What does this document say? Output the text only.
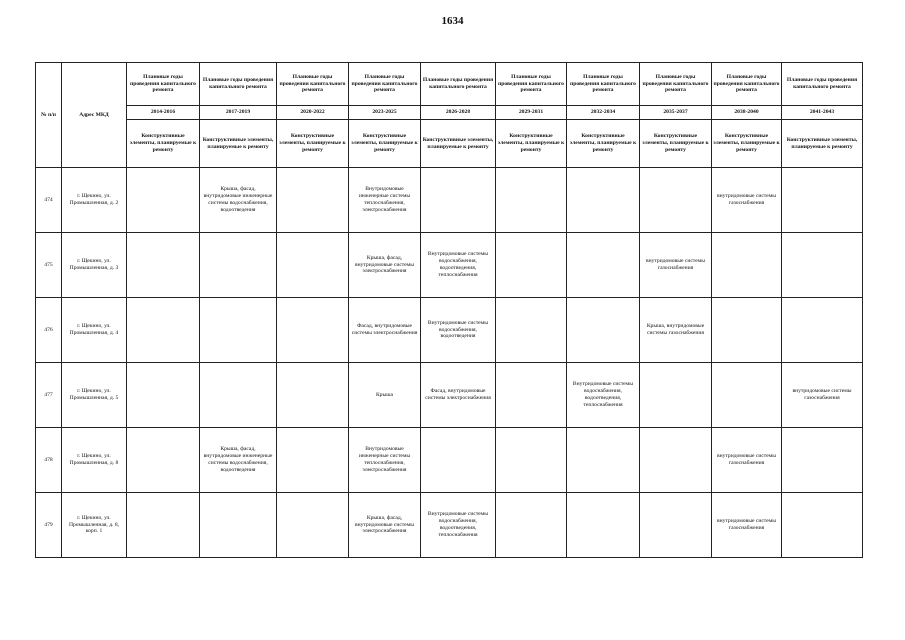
1634
№ п/п	Адрес МКД	Плановые годы проведения капитального ремонта	Плановые годы проведения капитального ремонта	Плановые годы проведения капитального ремонта	Плановые годы проведения капитального ремонта	Плановые годы проведения капитального ремонта	Плановые годы проведения капитального ремонта	Плановые годы проведения капитального ремонта	Плановые годы проведения капитального ремонта	Плановые годы проведения капитального ремонта	Плановые годы проведения капитального ремонта
		2014-2016	2017-2019	2020-2022	2023-2025	2026-2028	2029-2031	2032-2034	2035-2037	2038-2040	2041-2043
		Конструктивные элементы, планируемые к ремонту	Конструктивные элементы, планируемые к ремонту	Конструктивные элементы, планируемые к ремонту	Конструктивные элементы, планируемые к ремонту	Конструктивные элементы, планируемые к ремонту	Конструктивные элементы, планируемые к ремонту	Конструктивные элементы, планируемые к ремонту	Конструктивные элементы, планируемые к ремонту	Конструктивные элементы, планируемые к ремонту	Конструктивные элементы, планируемые к ремонту
474	г. Щекино, ул. Промышленная, д. 2		Крыша, фасад, внутридомовые инженерные системы водоснабжения, водоотведения		Внутридомовые инженерные системы теплоснабжения, электроснабжения					внутридомовые системы газоснабжения	
475	г. Щекино, ул. Промышленная, д. 3				Крыша, фасад, внутридомовые системы электроснабжения	Внутридомовые системы водоснабжения, водоотведения, теплоснабжения			внутридомовые системы газоснабжения		
476	г. Щекино, ул. Промышленная, д. 4				Фасад, внутридомовые системы электроснабжения	Внутридомовые системы водоснабжения, водоотведения			Крыша, внутридомовые системы газоснабжения		
477	г. Щекино, ул. Промышленная, д. 5				Крыша	Фасад, внутридомовые системы электроснабжения		Внутридомовые системы водоснабжения, водоотведения, теплоснабжения			внутридомовые системы газоснабжения
478	г. Щекино, ул. Промышленная, д. 8		Крыша, фасад, внутридомовые инженерные системы водоснабжения, водоотведения		Внутридомовые инженерные системы теплоснабжения, электроснабжения					внутридомовые системы газоснабжения	
479	г. Щекино, ул. Промышленная, д. 8, корп. 1				Крыша, фасад, внутридомовые системы электроснабжения	Внутридомовые системы водоснабжения, водоотведения, теплоснабжения				внутридомовые системы газоснабжения	
